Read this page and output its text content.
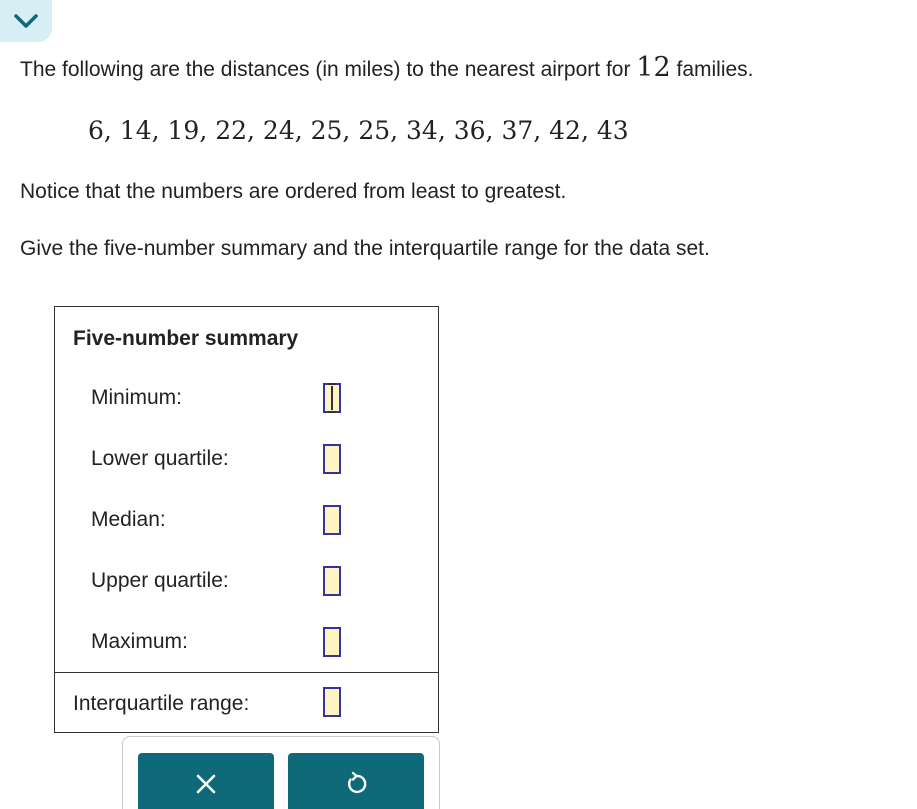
The following are the distances (in miles) to the nearest airport for 12 families.
6, 14, 19, 22, 24, 25, 25, 34, 36, 37, 42, 43
Notice that the numbers are ordered from least to greatest.
Give the five-number summary and the interquartile range for the data set.
Five-number summary
Minimum:
Lower quartile:
Median:
Upper quartile:
Maximum:
Interquartile range:
